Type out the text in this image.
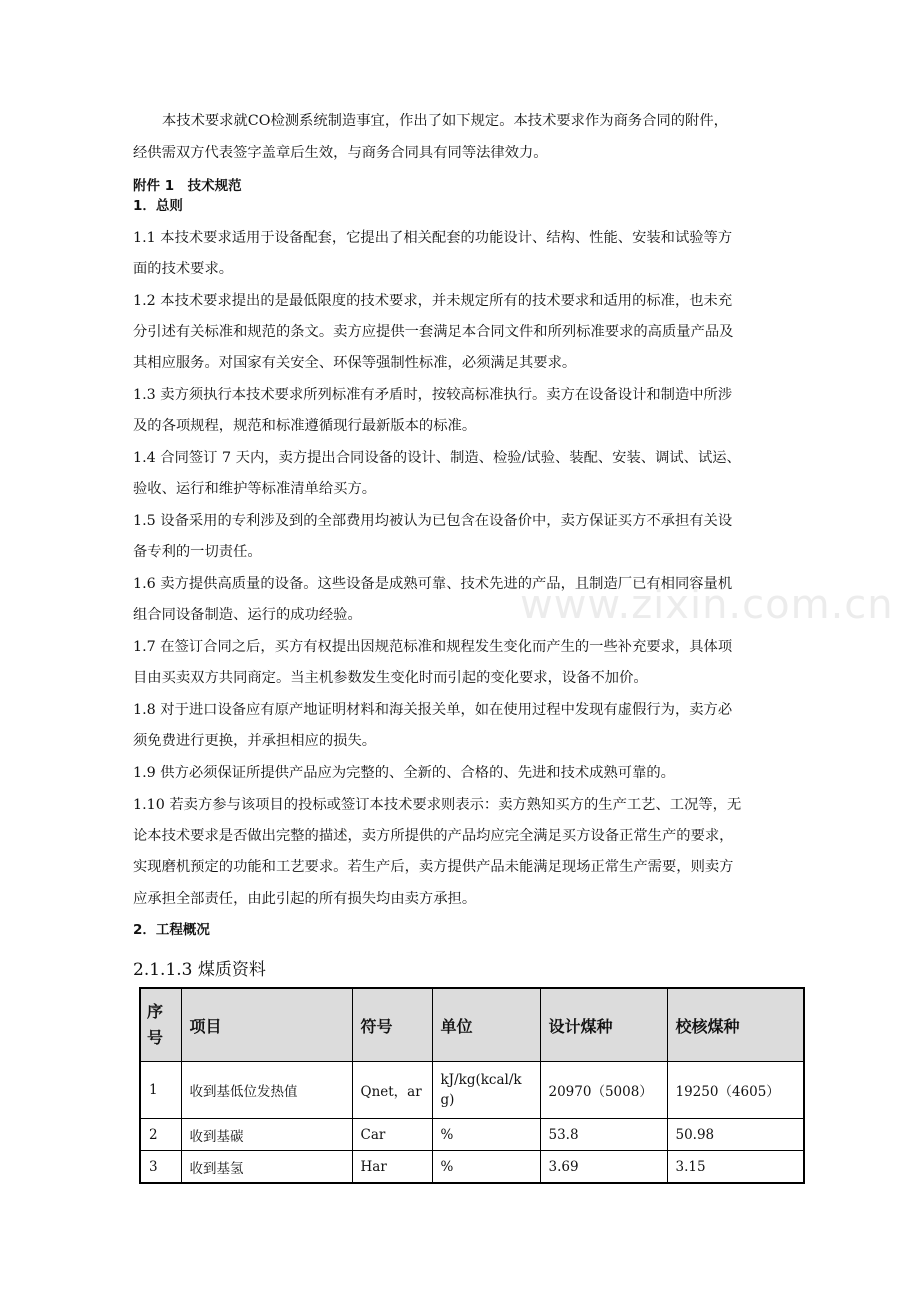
www.zixin.com.cn
本技术要求就CO检测系统制造事宜，作出了如下规定。本技术要求作为商务合同的附件，
经供需双方代表签字盖章后生效，与商务合同具有同等法律效力。
附件 1　技术规范
1．总则
1.1 本技术要求适用于设备配套，它提出了相关配套的功能设计、结构、性能、安装和试验等方
面的技术要求。
1.2 本技术要求提出的是最低限度的技术要求，并未规定所有的技术要求和适用的标准，也未充
分引述有关标准和规范的条文。卖方应提供一套满足本合同文件和所列标准要求的高质量产品及
其相应服务。对国家有关安全、环保等强制性标准，必须满足其要求。
1.3 卖方须执行本技术要求所列标准有矛盾时，按较高标准执行。卖方在设备设计和制造中所涉
及的各项规程，规范和标准遵循现行最新版本的标准。
1.4 合同签订 7 天内，卖方提出合同设备的设计、制造、检验/试验、装配、安装、调试、试运、
验收、运行和维护等标准清单给买方。
1.5 设备采用的专利涉及到的全部费用均被认为已包含在设备价中，卖方保证买方不承担有关设
备专利的一切责任。
1.6 卖方提供高质量的设备。这些设备是成熟可靠、技术先进的产品，且制造厂已有相同容量机
组合同设备制造、运行的成功经验。
1.7 在签订合同之后，买方有权提出因规范标准和规程发生变化而产生的一些补充要求，具体项
目由买卖双方共同商定。当主机参数发生变化时而引起的变化要求，设备不加价。
1.8 对于进口设备应有原产地证明材料和海关报关单，如在使用过程中发现有虚假行为，卖方必
须免费进行更换，并承担相应的损失。
1.9 供方必须保证所提供产品应为完整的、全新的、合格的、先进和技术成熟可靠的。
1.10 若卖方参与该项目的投标或签订本技术要求则表示：卖方熟知买方的生产工艺、工况等，无
论本技术要求是否做出完整的描述，卖方所提供的产品均应完全满足买方设备正常生产的要求，
实现磨机预定的功能和工艺要求。若生产后，卖方提供产品未能满足现场正常生产需要，则卖方
应承担全部责任，由此引起的所有损失均由卖方承担。
2．工程概况
2.1.1.3 煤质资料
序
号	项目	符号	单位	设计煤种	校核煤种
1	收到基低位发热值	Qnet，ar	kJ/kg(kcal/kg)	20970（5008）	19250（4605）
2	收到基碳	Car	%	53.8	50.98
3	收到基氢	Har	%	3.69	3.15
